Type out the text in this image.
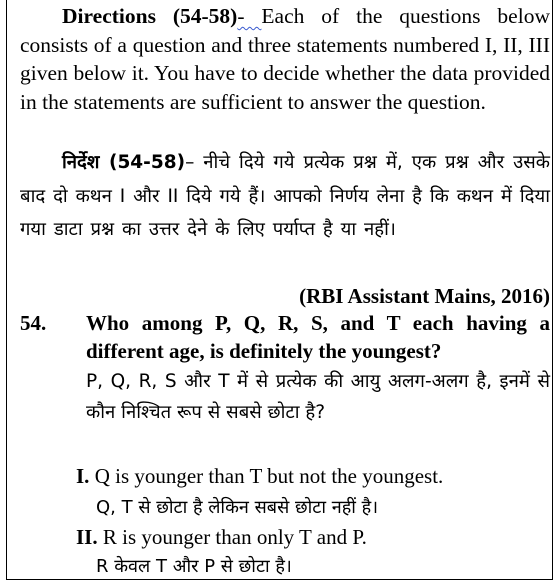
Directions (54-58)- Each of the questions below consists of a question and three statements numbered I, II, III given below it. You have to decide whether the data provided in the statements are sufficient to answer the question.
निर्देश (54-58)– नीचे दिये गये प्रत्येक प्रश्न में, एक प्रश्न और उसके बाद दो कथन I और II दिये गये हैं। आपको निर्णय लेना है कि कथन में दिया गया डाटा प्रश्न का उत्तर देने के लिए पर्याप्त है या नहीं।
(RBI Assistant Mains, 2016)
54. Who among P, Q, R, S, and T each having a different age, is definitely the youngest?
P, Q, R, S और T में से प्रत्येक की आयु अलग-अलग है, इनमें से कौन निश्चित रूप से सबसे छोटा है?
I. Q is younger than T but not the youngest.
Q, T से छोटा है लेकिन सबसे छोटा नहीं है।
II. R is younger than only T and P.
R केवल T और P से छोटा है।
